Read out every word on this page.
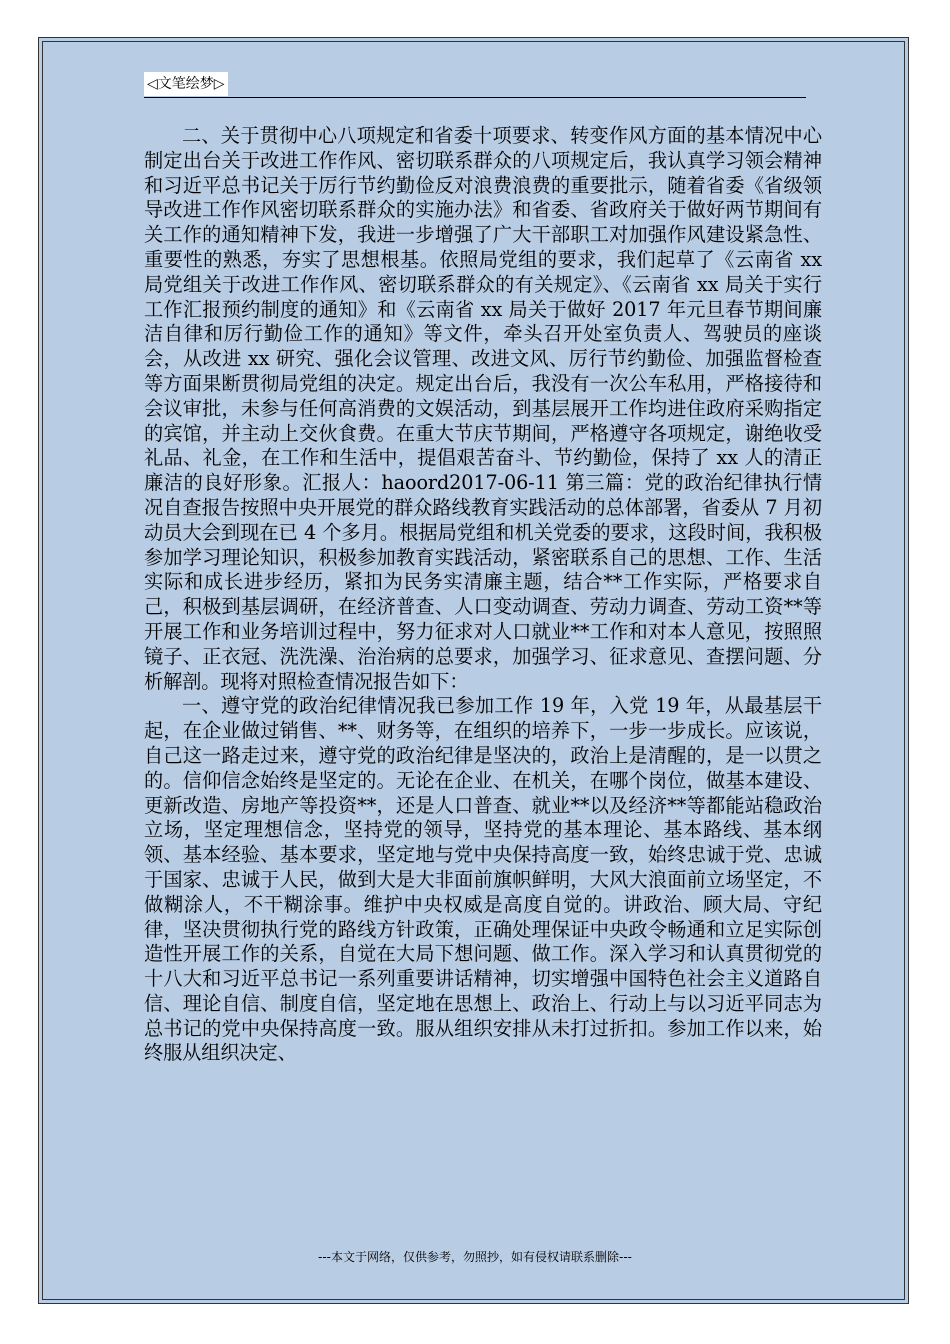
◁文笔绘梦▷

二、关于贯彻中心八项规定和省委十项要求、转变作风方面的基本情况中心制定出台关于改进工作作风、密切联系群众的八项规定后，我认真学习领会精神和习近平总书记关于厉行节约勤俭反对浪费浪费的重要批示，随着省委《省级领导改进工作作风密切联系群众的实施办法》和省委、省政府关于做好两节期间有关工作的通知精神下发，我进一步增强了广大干部职工对加强作风建设紧急性、重要性的熟悉，夯实了思想根基。依照局党组的要求，我们起草了《云南省 xx 局党组关于改进工作作风、密切联系群众的有关规定》、《云南省 xx 局关于实行工作汇报预约制度的通知》和《云南省 xx 局关于做好 2017 年元旦春节期间廉洁自律和厉行勤俭工作的通知》等文件，牵头召开处室负责人、驾驶员的座谈会，从改进 xx 研究、强化会议管理、改进文风、厉行节约勤俭、加强监督检查等方面果断贯彻局党组的决定。规定出台后，我没有一次公车私用，严格接待和会议审批，未参与任何高消费的文娱活动，到基层展开工作均进住政府采购指定的宾馆，并主动上交伙食费。在重大节庆节期间，严格遵守各项规定，谢绝收受礼品、礼金，在工作和生活中，提倡艰苦奋斗、节约勤俭，保持了 xx 人的清正廉洁的良好形象。汇报人：haoord2017-06-11 第三篇：党的政治纪律执行情况自查报告按照中央开展党的群众路线教育实践活动的总体部署，省委从 7 月初动员大会到现在已 4 个多月。根据局党组和机关党委的要求，这段时间，我积极参加学习理论知识，积极参加教育实践活动，紧密联系自己的思想、工作、生活实际和成长进步经历，紧扣为民务实清廉主题，结合**工作实际，严格要求自己，积极到基层调研，在经济普查、人口变动调查、劳动力调查、劳动工资**等开展工作和业务培训过程中，努力征求对人口就业**工作和对本人意见，按照照镜子、正衣冠、洗洗澡、治治病的总要求，加强学习、征求意见、查摆问题、分析解剖。现将对照检查情况报告如下：

一、遵守党的政治纪律情况我已参加工作 19 年，入党 19 年，从最基层干起，在企业做过销售、**、财务等，在组织的培养下，一步一步成长。应该说，自己这一路走过来，遵守党的政治纪律是坚决的，政治上是清醒的，是一以贯之的。信仰信念始终是坚定的。无论在企业、在机关，在哪个岗位，做基本建设、更新改造、房地产等投资**，还是人口普查、就业**以及经济**等都能站稳政治立场，坚定理想信念，坚持党的领导，坚持党的基本理论、基本路线、基本纲领、基本经验、基本要求，坚定地与党中央保持高度一致，始终忠诚于党、忠诚于国家、忠诚于人民，做到大是大非面前旗帜鲜明，大风大浪面前立场坚定，不做糊涂人，不干糊涂事。维护中央权威是高度自觉的。讲政治、顾大局、守纪律，坚决贯彻执行党的路线方针政策，正确处理保证中央政令畅通和立足实际创造性开展工作的关系，自觉在大局下想问题、做工作。深入学习和认真贯彻党的十八大和习近平总书记一系列重要讲话精神，切实增强中国特色社会主义道路自信、理论自信、制度自信，坚定地在思想上、政治上、行动上与以习近平同志为总书记的党中央保持高度一致。服从组织安排从未打过折扣。参加工作以来，始终服从组织决定、

---本文于网络，仅供参考，勿照抄，如有侵权请联系删除---
